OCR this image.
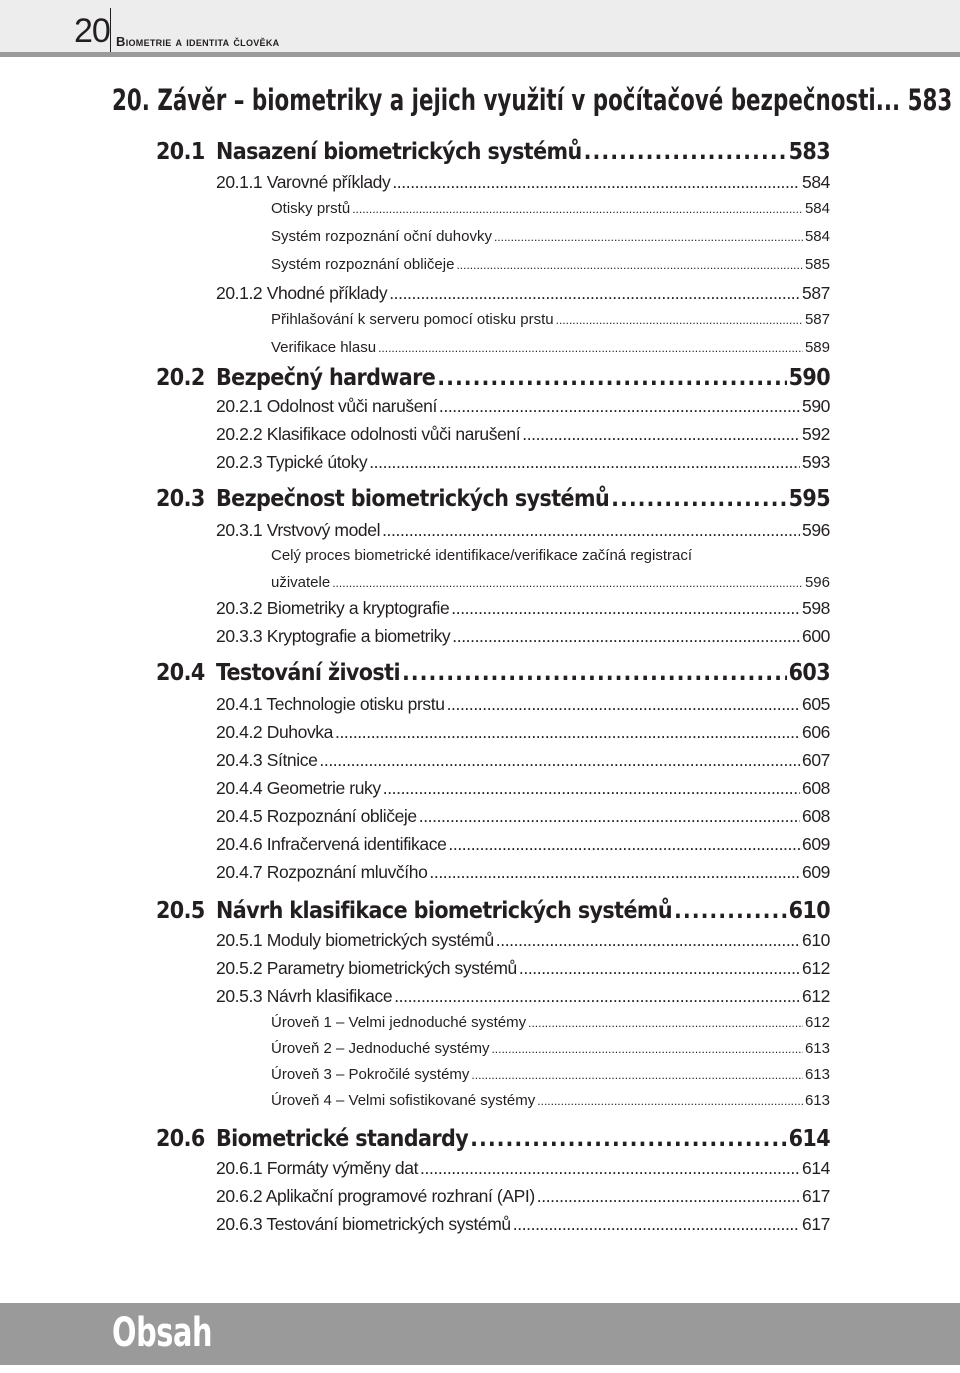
20 Biometrie a identita člověka
20. Závěr – biometriky a jejich využití v počítačové bezpečnosti... 583
20.1 Nasazení biometrických systémů .....	583
20.1.1 Varovné příklady .....	584
Otisky prstů .....	584
Systém rozpoznání oční duhovky .....	584
Systém rozpoznání obličeje .....	585
20.1.2 Vhodné příklady .....	587
Přihlašování k serveru pomocí otisku prstu .....	587
Verifikace hlasu .....	589
20.2 Bezpečný hardware .....	590
20.2.1 Odolnost vůči narušení .....	590
20.2.2 Klasifikace odolnosti vůči narušení .....	592
20.2.3 Typické útoky .....	593
20.3 Bezpečnost biometrických systémů .....	595
20.3.1 Vrstvový model .....	596
Celý proces biometrické identifikace/verifikace začíná registrací
uživatele .....	596
20.3.2 Biometriky a kryptografie .....	598
20.3.3 Kryptografie a biometriky .....	600
20.4 Testování živosti .....	603
20.4.1 Technologie otisku prstu .....	605
20.4.2 Duhovka .....	606
20.4.3 Sítnice .....	607
20.4.4 Geometrie ruky .....	608
20.4.5 Rozpoznání obličeje .....	608
20.4.6 Infračervená identifikace .....	609
20.4.7 Rozpoznání mluvčího .....	609
20.5 Návrh klasifikace biometrických systémů .....	610
20.5.1 Moduly biometrických systémů .....	610
20.5.2 Parametry biometrických systémů .....	612
20.5.3 Návrh klasifikace .....	612
Úroveň 1 – Velmi jednoduché systémy .....	612
Úroveň 2 – Jednoduché systémy .....	613
Úroveň 3 – Pokročilé systémy .....	613
Úroveň 4 – Velmi sofistikované systémy .....	613
20.6 Biometrické standardy .....	614
20.6.1 Formáty výměny dat .....	614
20.6.2 Aplikační programové rozhraní (API) .....	617
20.6.3 Testování biometrických systémů .....	617
Obsah
